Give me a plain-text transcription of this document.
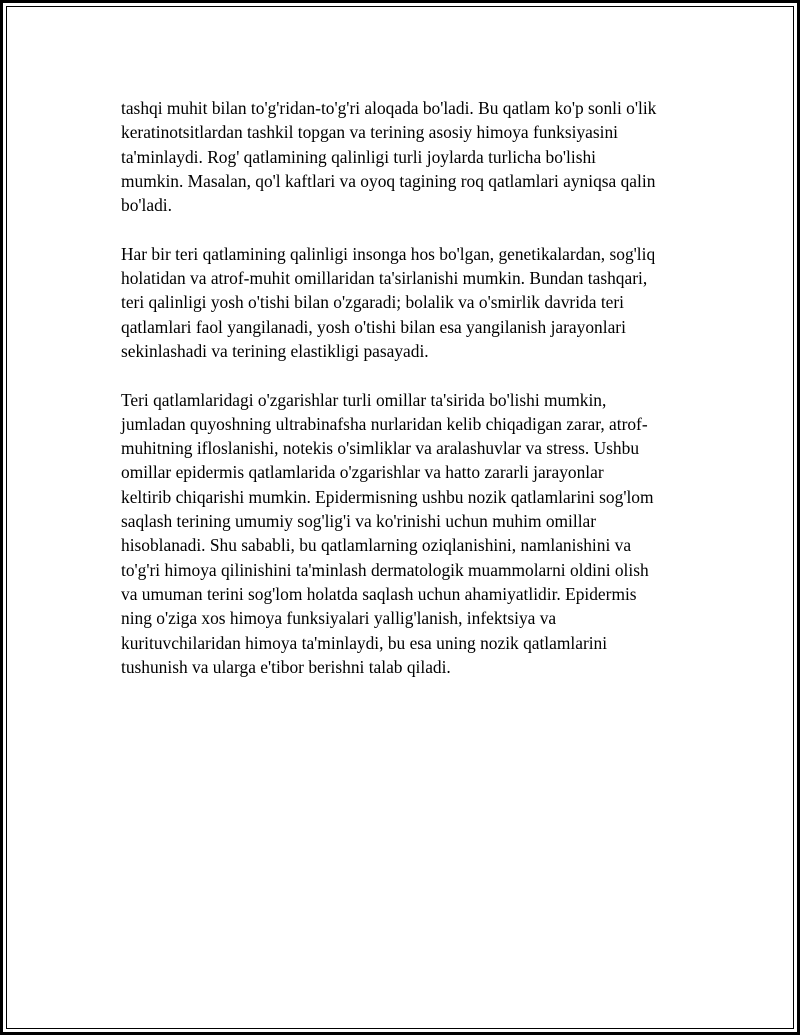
tashqi muhit bilan to'g'ridan-to'g'ri aloqada bo'ladi. Bu qatlam ko'p sonli o'lik
keratinotsitlardan tashkil topgan va terining asosiy himoya funksiyasini
ta'minlaydi. Rog' qatlamining qalinligi turli joylarda turlicha bo'lishi
mumkin. Masalan, qo'l kaftlari va oyoq tagining roq qatlamlari ayniqsa qalin
bo'ladi.

Har bir teri qatlamining qalinligi insonga hos bo'lgan, genetikalardan, sog'liq
holatidan va atrof-muhit omillaridan ta'sirlanishi mumkin. Bundan tashqari,
teri qalinligi yosh o'tishi bilan o'zgaradi; bolalik va o'smirlik davrida teri
qatlamlari faol yangilanadi, yosh o'tishi bilan esa yangilanish jarayonlari
sekinlashadi va terining elastikligi pasayadi.

Teri qatlamlaridagi o'zgarishlar turli omillar ta'sirida bo'lishi mumkin,
jumladan quyoshning ultrabinafsha nurlaridan kelib chiqadigan zarar, atrof-
muhitning ifloslanishi, notekis o'simliklar va aralashuvlar va stress. Ushbu
omillar epidermis qatlamlarida o'zgarishlar va hatto zararli jarayonlar
keltirib chiqarishi mumkin. Epidermisning ushbu nozik qatlamlarini sog'lom
saqlash terining umumiy sog'lig'i va ko'rinishi uchun muhim omillar
hisoblanadi. Shu sababli, bu qatlamlarning oziqlanishini, namlanishini va
to'g'ri himoya qilinishini ta'minlash dermatologik muammolarni oldini olish
va umuman terini sog'lom holatda saqlash uchun ahamiyatlidir. Epidermis
ning o'ziga xos himoya funksiyalari yallig'lanish, infektsiya va
kurituvchilaridan himoya ta'minlaydi, bu esa uning nozik qatlamlarini
tushunish va ularga e'tibor berishni talab qiladi.
